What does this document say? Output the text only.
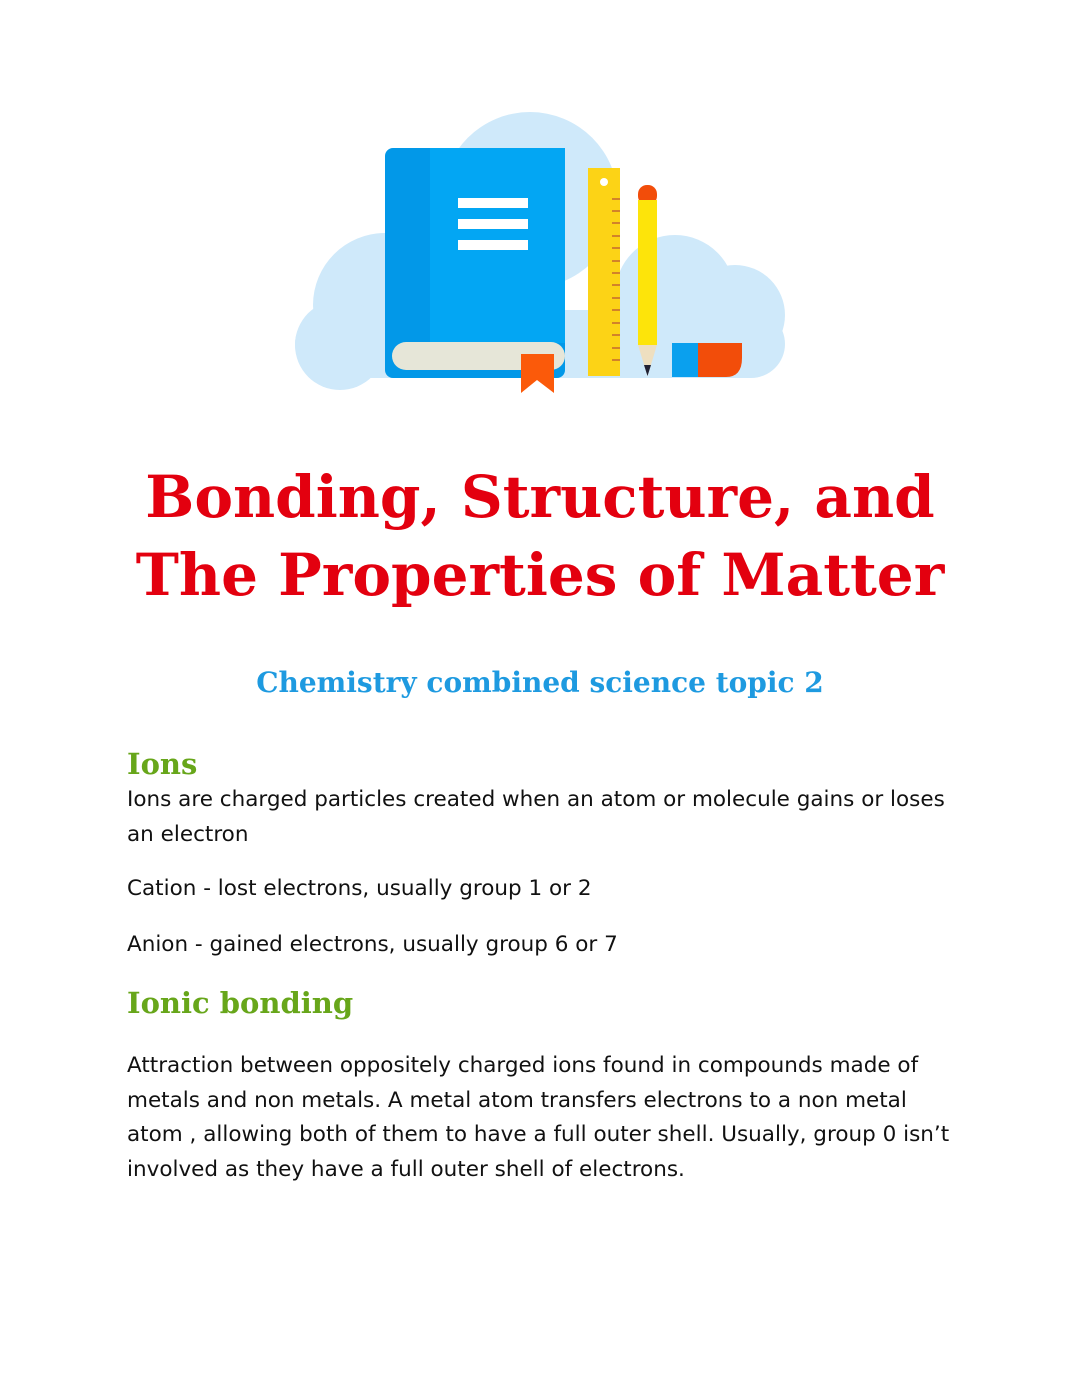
Bonding, Structure, and
The Properties of Matter
Chemistry combined science topic 2
Ions

Ions are charged particles created when an atom or molecule gains or loses an electron

Cation - lost electrons, usually group 1 or 2

Anion - gained electrons, usually group 6 or 7

Ionic bonding

Attraction between oppositely charged ions found in compounds made of metals and non metals. A metal atom transfers electrons to a non metal atom , allowing both of them to have a full outer shell. Usually, group 0 isn’t involved as they have a full outer shell of electrons.
